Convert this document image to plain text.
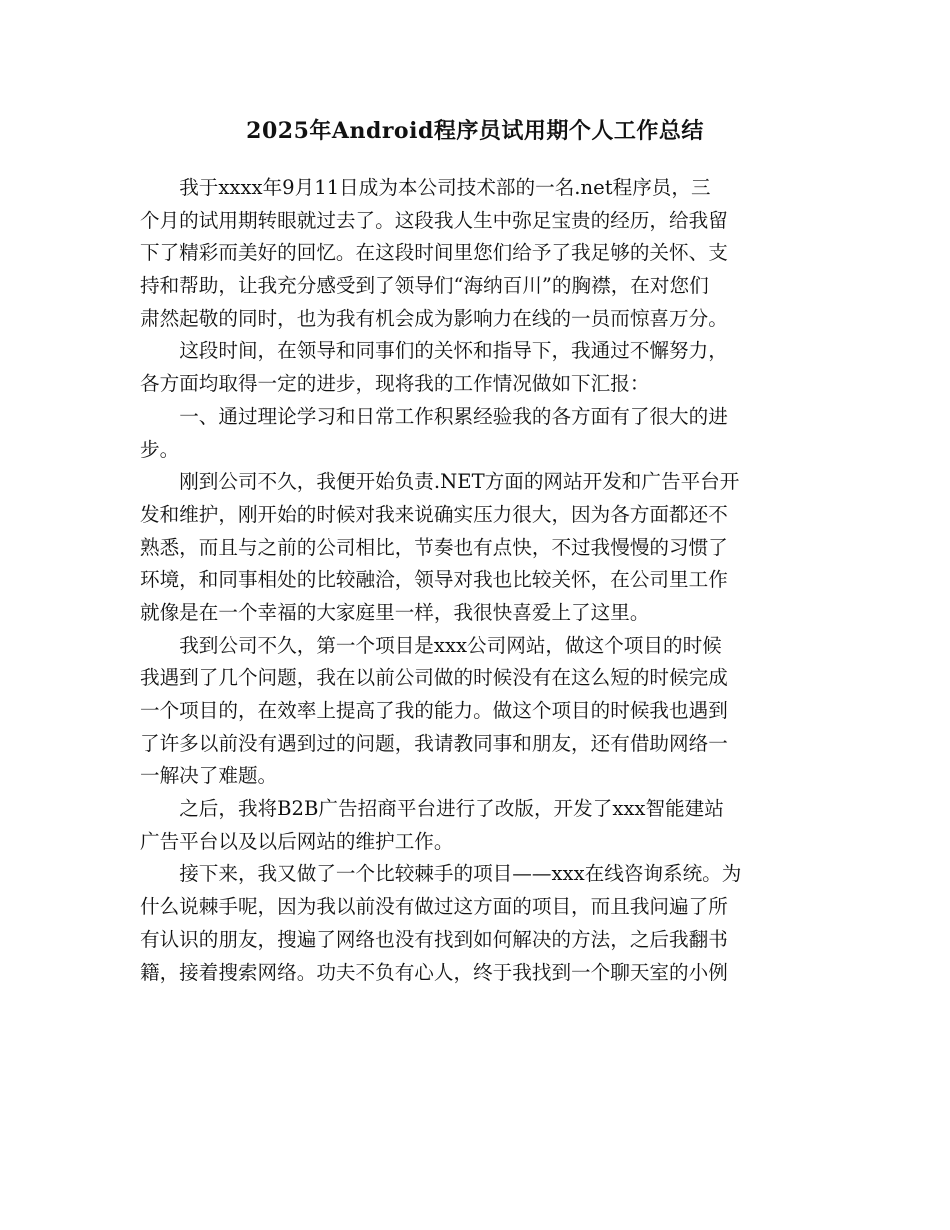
2025年Android程序员试用期个人工作总结
我于xxxx年9月11日成为本公司技术部的一名.net程序员，三
个月的试用期转眼就过去了。这段我人生中弥足宝贵的经历，给我留
下了精彩而美好的回忆。在这段时间里您们给予了我足够的关怀、支
持和帮助，让我充分感受到了领导们“海纳百川”的胸襟，在对您们
肃然起敬的同时，也为我有机会成为影响力在线的一员而惊喜万分。
这段时间，在领导和同事们的关怀和指导下，我通过不懈努力，
各方面均取得一定的进步，现将我的工作情况做如下汇报：
一、通过理论学习和日常工作积累经验我的各方面有了很大的进
步。
刚到公司不久，我便开始负责.NET方面的网站开发和广告平台开
发和维护，刚开始的时候对我来说确实压力很大，因为各方面都还不
熟悉，而且与之前的公司相比，节奏也有点快，不过我慢慢的习惯了
环境，和同事相处的比较融洽，领导对我也比较关怀，在公司里工作
就像是在一个幸福的大家庭里一样，我很快喜爱上了这里。
我到公司不久，第一个项目是xxx公司网站，做这个项目的时候
我遇到了几个问题，我在以前公司做的时候没有在这么短的时候完成
一个项目的，在效率上提高了我的能力。做这个项目的时候我也遇到
了许多以前没有遇到过的问题，我请教同事和朋友，还有借助网络一
一解决了难题。
之后，我将B2B广告招商平台进行了改版，开发了xxx智能建站
广告平台以及以后网站的维护工作。
接下来，我又做了一个比较棘手的项目——xxx在线咨询系统。为
什么说棘手呢，因为我以前没有做过这方面的项目，而且我问遍了所
有认识的朋友，搜遍了网络也没有找到如何解决的方法，之后我翻书
籍，接着搜索网络。功夫不负有心人，终于我找到一个聊天室的小例
